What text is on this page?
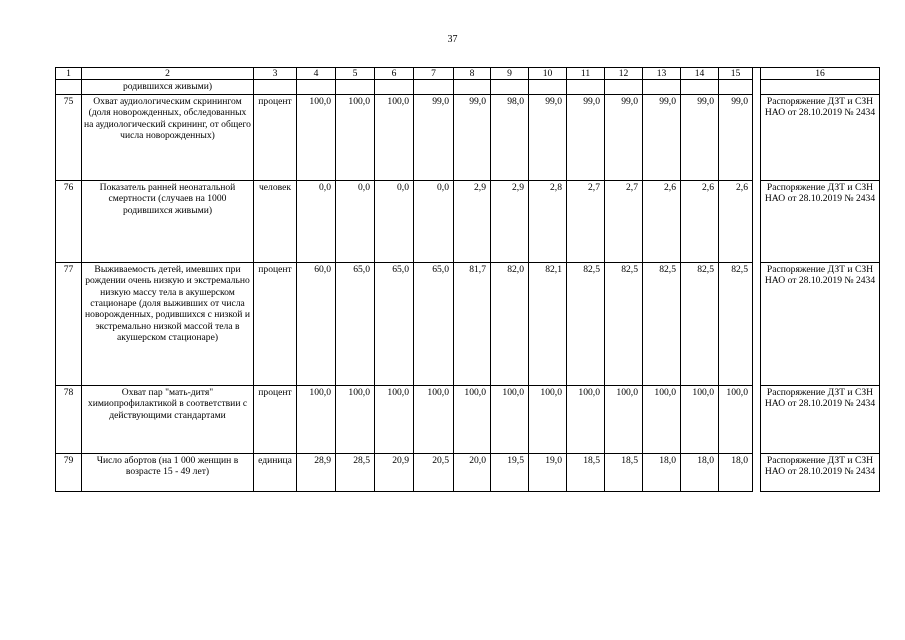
37
1	2	3	4	5	6	7	8	9	10	11	12	13	14	15		16
	родившихся живыми)															
75	Охват аудиологическим скринингом (доля новорожденных, обследованных на аудиологический скрининг, от общего числа новорожденных)	процент	100,0	100,0	100,0	99,0	99,0	98,0	99,0	99,0	99,0	99,0	99,0	99,0		Распоряжение ДЗТ и СЗН НАО от 28.10.2019 № 2434
76	Показатель ранней неонатальной смертности (случаев на 1000 родившихся живыми)	человек	0,0	0,0	0,0	0,0	2,9	2,9	2,8	2,7	2,7	2,6	2,6	2,6		Распоряжение ДЗТ и СЗН НАО от 28.10.2019 № 2434
77	Выживаемость детей, имевших при рождении очень низкую и экстремально низкую массу тела в акушерском стационаре (доля выживших от числа новорожденных, родившихся с низкой и экстремально низкой массой тела в акушерском стационаре)	процент	60,0	65,0	65,0	65,0	81,7	82,0	82,1	82,5	82,5	82,5	82,5	82,5		Распоряжение ДЗТ и СЗН НАО от 28.10.2019 № 2434
78	Охват пар "мать-дитя" химиопрофилактикой в соответствии с действующими стандартами	процент	100,0	100,0	100,0	100,0	100,0	100,0	100,0	100,0	100,0	100,0	100,0	100,0		Распоряжение ДЗТ и СЗН НАО от 28.10.2019 № 2434
79	Число абортов (на 1 000 женщин в возрасте 15 - 49 лет)	единица	28,9	28,5	20,9	20,5	20,0	19,5	19,0	18,5	18,5	18,0	18,0	18,0		Распоряжение ДЗТ и СЗН НАО от 28.10.2019 № 2434
